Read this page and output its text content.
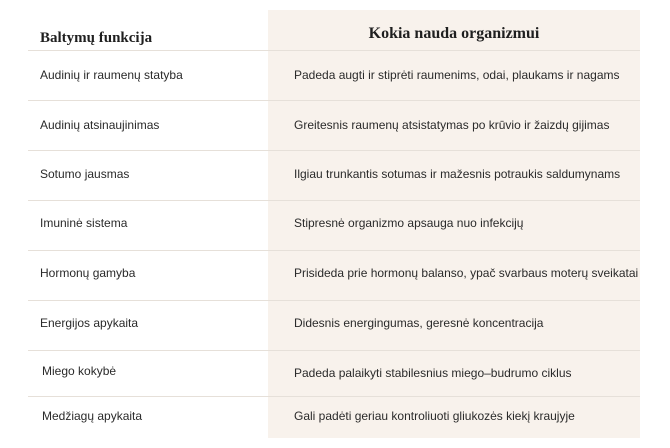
Baltymų funkcija	Kokia nauda organizmui
Audinių ir raumenų statyba	Padeda augti ir stiprėti raumenims, odai, plaukams ir nagams
Audinių atsinaujinimas	Greitesnis raumenų atsistatymas po krūvio ir žaizdų gijimas
Sotumo jausmas	Ilgiau trunkantis sotumas ir mažesnis potraukis saldumynams
Imuninė sistema	Stipresnė organizmo apsauga nuo infekcijų
Hormonų gamyba	Prisideda prie hormonų balanso, ypač svarbaus moterų sveikatai
Energijos apykaita	Didesnis energingumas, geresnė koncentracija
Miego kokybė	Padeda palaikyti stabilesnius miego–budrumo ciklus
Medžiagų apykaita	Gali padėti geriau kontroliuoti gliukozės kiekį kraujyje
